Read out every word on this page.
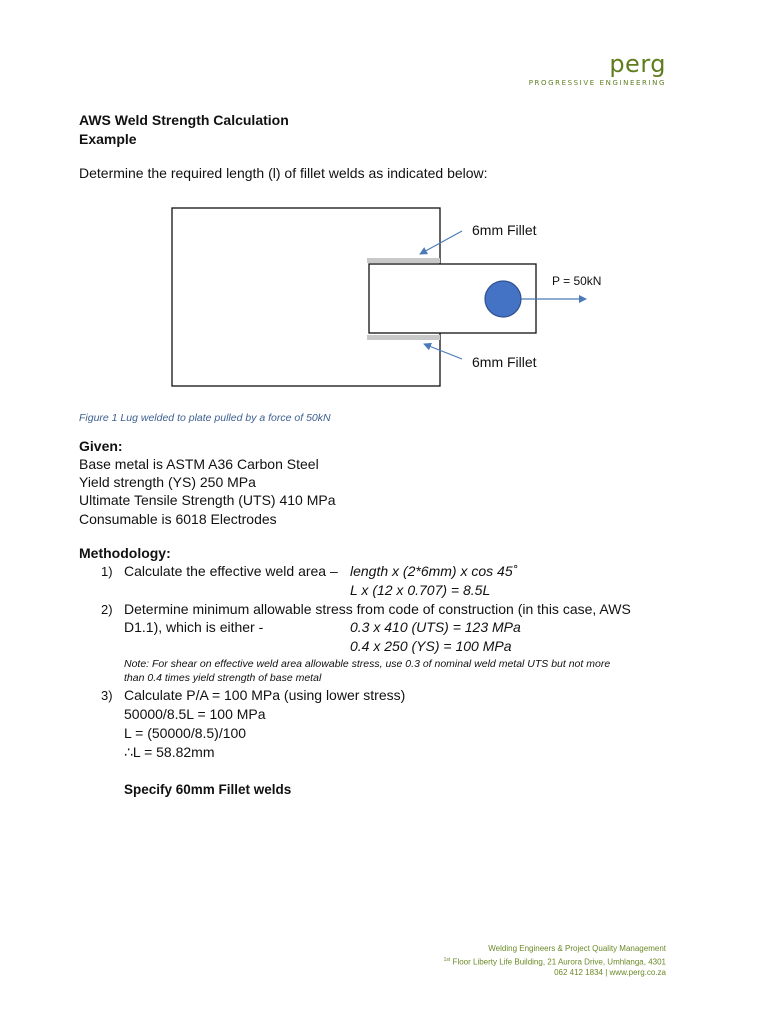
perg
PROGRESSIVE ENGINEERING
AWS Weld Strength Calculation
Example
Determine the required length (l) of fillet welds as indicated below:
6mm Fillet
6mm Fillet
P = 50kN
Figure 1 Lug welded to plate pulled by a force of 50kN
Given:
Base metal is ASTM A36 Carbon Steel
Yield strength (YS) 250 MPa
Ultimate Tensile Strength (UTS) 410 MPa
Consumable is 6018 Electrodes
Methodology:
1) Calculate the effective weld area – length x (2*6mm) x cos 45˚
L x (12 x 0.707) = 8.5L
2) Determine minimum allowable stress from code of construction (in this case, AWS
D1.1), which is either -	0.3 x 410 (UTS) = 123 MPa
0.4 x 250 (YS) = 100 MPa
Note: For shear on effective weld area allowable stress, use 0.3 of nominal weld metal UTS but not more
than 0.4 times yield strength of base metal
3) Calculate P/A = 100 MPa (using lower stress)
50000/8.5L = 100 MPa
L = (50000/8.5)/100
∴L = 58.82mm
Specify 60mm Fillet welds
Welding Engineers & Project Quality Management
$^{1st}$ Floor Liberty Life Building, 21 Aurora Drive, Umhlanga, 4301
062 412 1834 | www.perg.co.za
